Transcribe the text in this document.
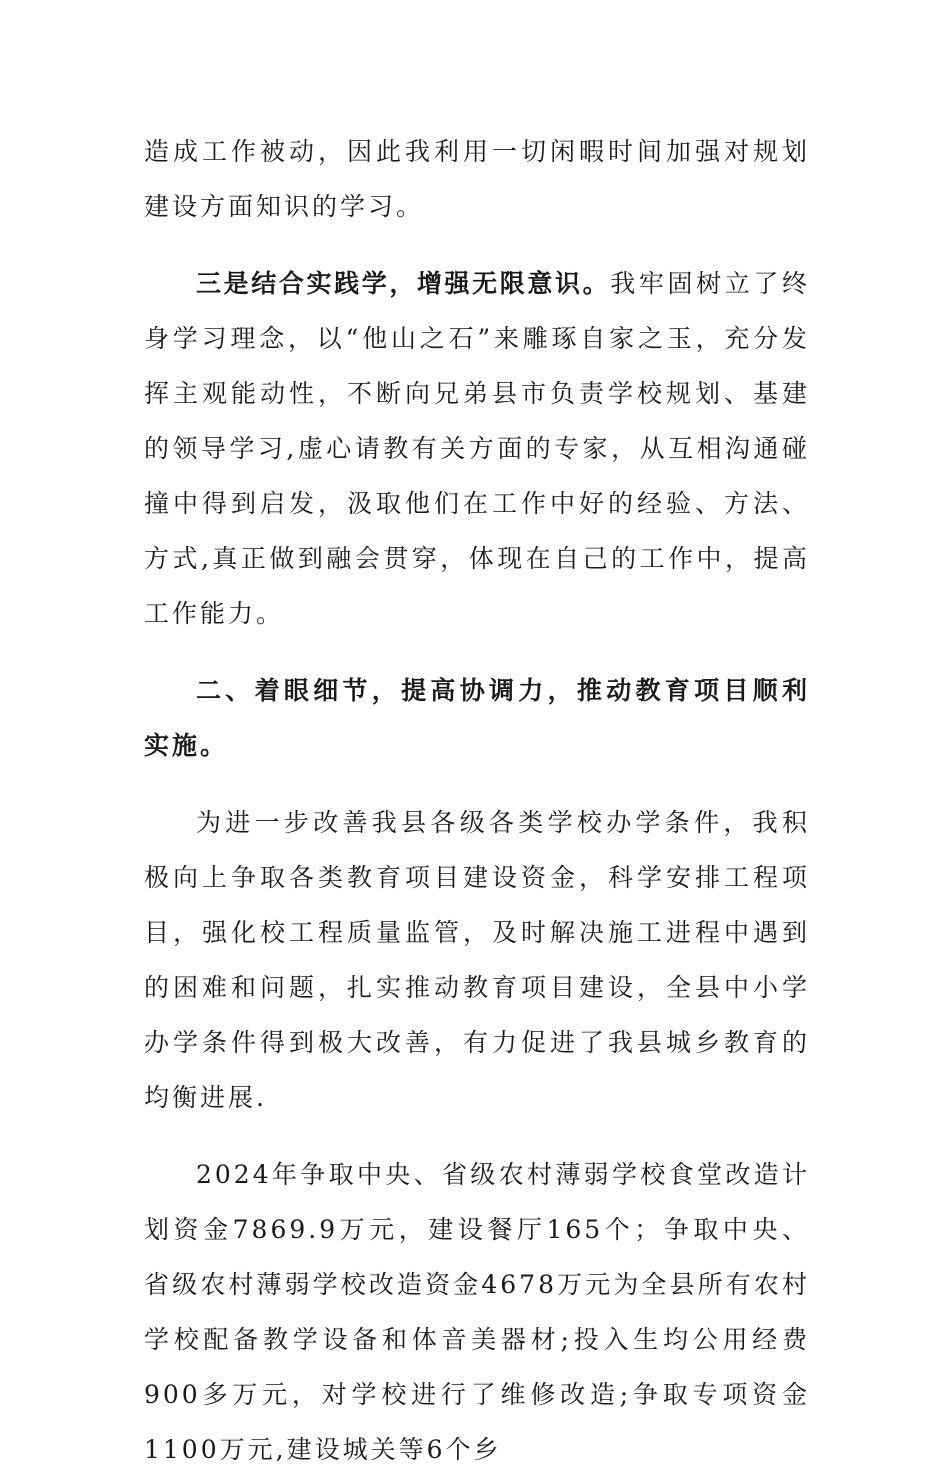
造成工作被动，因此我利用一切闲暇时间加强对规划建设方面知识的学习。

三是结合实践学，增强无限意识。我牢固树立了终身学习理念，以“他山之石”来雕琢自家之玉，充分发挥主观能动性，不断向兄弟县市负责学校规划、基建的领导学习,虚心请教有关方面的专家，从互相沟通碰撞中得到启发，汲取他们在工作中好的经验、方法、方式,真正做到融会贯穿，体现在自己的工作中，提高工作能力。

二、着眼细节，提高协调力，推动教育项目顺利实施。

为进一步改善我县各级各类学校办学条件，我积极向上争取各类教育项目建设资金，科学安排工程项目，强化校工程质量监管，及时解决施工进程中遇到的困难和问题，扎实推动教育项目建设，全县中小学办学条件得到极大改善，有力促进了我县城乡教育的均衡进展.

2024年争取中央、省级农村薄弱学校食堂改造计划资金7869.9万元，建设餐厅165个；争取中央、省级农村薄弱学校改造资金4678万元为全县所有农村学校配备教学设备和体音美器材;投入生均公用经费900多万元，对学校进行了维修改造;争取专项资金1100万元,建设城关等6个乡
